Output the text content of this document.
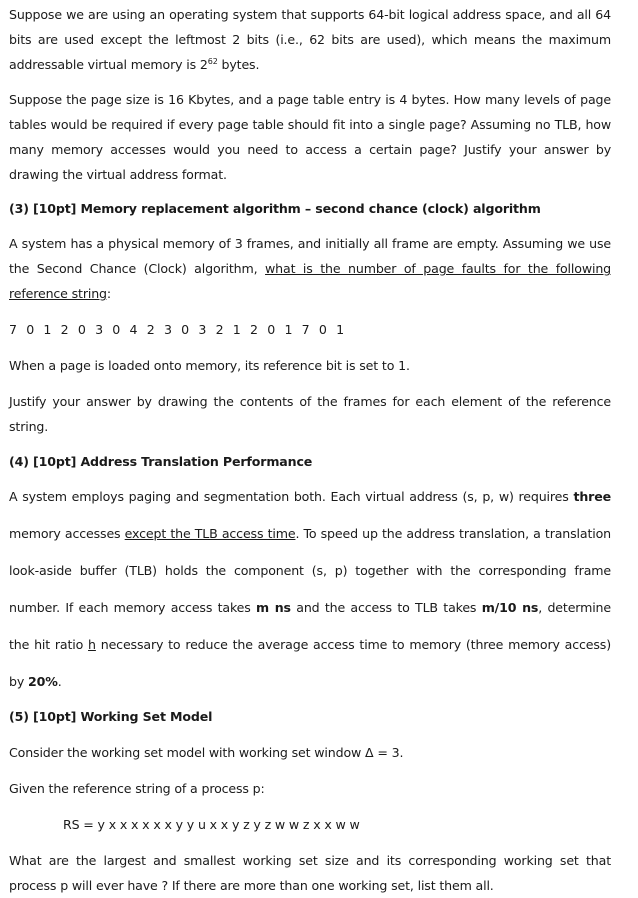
Suppose we are using an operating system that supports 64-bit logical address space, and all 64 bits are used except the leftmost 2 bits (i.e., 62 bits are used), which means the maximum addressable virtual memory is $2^{62}$ bytes.

Suppose the page size is 16 Kbytes, and a page table entry is 4 bytes. How many levels of page tables would be required if every page table should fit into a single page? Assuming no TLB, how many memory accesses would you need to access a certain page? Justify your answer by drawing the virtual address format.

(3) [10pt] Memory replacement algorithm – second chance (clock) algorithm

A system has a physical memory of 3 frames, and initially all frame are empty. Assuming we use the Second Chance (Clock) algorithm, what is the number of page faults for the following reference string:

7 0 1 2 0 3 0 4 2 3 0 3 2 1 2 0 1 7 0 1

When a page is loaded onto memory, its reference bit is set to 1.

Justify your answer by drawing the contents of the frames for each element of the reference string.

(4) [10pt] Address Translation Performance

A system employs paging and segmentation both. Each virtual address (s, p, w) requires three memory accesses except the TLB access time. To speed up the address translation, a translation look-aside buffer (TLB) holds the component (s, p) together with the corresponding frame number. If each memory access takes m ns and the access to TLB takes m/10 ns, determine the hit ratio h necessary to reduce the average access time to memory (three memory access) by 20%.

(5) [10pt] Working Set Model

Consider the working set model with working set window Δ = 3.

Given the reference string of a process p:

RS = y x x x x x x y y u x x y z y z w w z x x w w

What are the largest and smallest working set size and its corresponding working set that process p will ever have ? If there are more than one working set, list them all.
